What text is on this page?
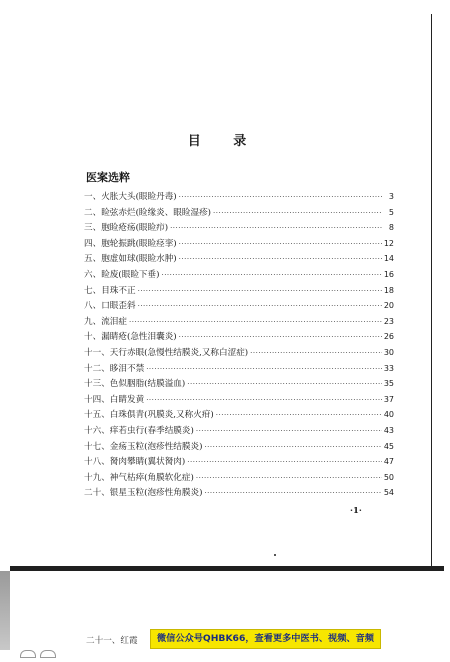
目 录
医案选粹
一、 火胀大头(眼睑丹毒) ·····	3
二、 睑弦赤烂(睑缘炎、眼睑湿疹) ·····	5
三、 胞睑疮疡(眼睑疖) ·····	8
四、 胞轮振跳(眼睑痉挛) ·····	12
五、 胞虚如球(眼睑水肿) ·····	14
六、 睑废(眼睑下垂) ·····	16
七、 目珠不正 ·····	18
八、 口眼歪斜 ·····	20
九、 流泪症 ·····	23
十、 漏睛疮(急性泪囊炎) ·····	26
十一、 天行赤眼(急慢性结膜炎,又称白涩症) ·····	30
十二、 眵泪不禁 ·····	33
十三、 色似胭脂(结膜溢血) ·····	35
十四、 白睛发黄 ·····	37
十五、 白珠俱青(巩膜炎,又称火疳) ·····	40
十六、 痒若虫行(春季结膜炎) ·····	43
十七、 金疡玉粒(泡疹性结膜炎) ·····	45
十八、 胬肉攀睛(翼状胬肉) ·····	47
十九、 神气枯瘁(角膜软化症) ·····	50
二十、 银星玉粒(泡疹性角膜炎) ·····	54
·1·
二十一、红霞	微信公众号QHBK66，查看更多中医书、视频、音频
